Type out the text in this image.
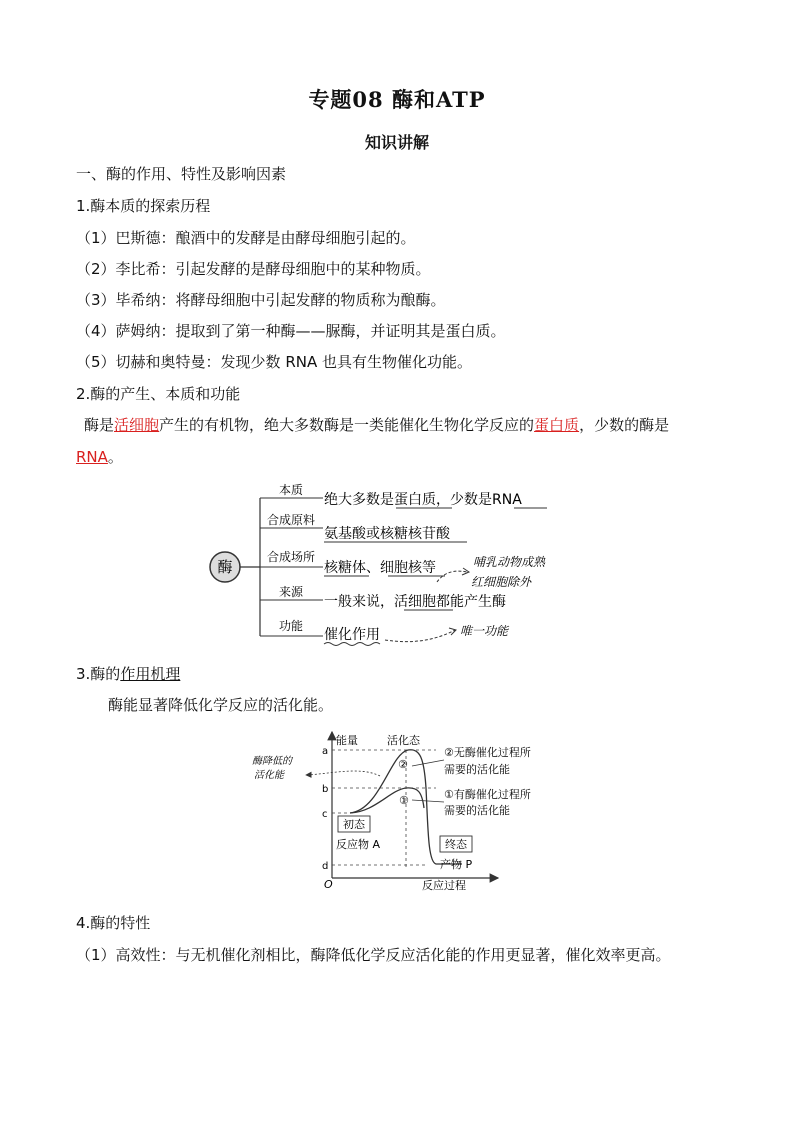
专题08 酶和ATP
知识讲解
一、酶的作用、特性及影响因素
1.酶本质的探索历程
（1）巴斯德：酿酒中的发酵是由酵母细胞引起的。
（2）李比希：引起发酵的是酵母细胞中的某种物质。
（3）毕希纳：将酵母细胞中引起发酵的物质称为酿酶。
（4）萨姆纳：提取到了第一种酶——脲酶，并证明其是蛋白质。
（5）切赫和奥特曼：发现少数 RNA 也具有生物催化功能。
2.酶的产生、本质和功能
酶是活细胞产生的有机物，绝大多数酶是一类能催化生物化学反应的蛋白质，少数的酶是
RNA。
酶
本质
合成原料
合成场所
来源
功能
绝大多数是蛋白质，少数是RNA
氨基酸或核糖核苷酸
核糖体、细胞核等
一般来说，活细胞都能产生酶
催化作用
哺乳动物成熟
红细胞除外
唯一功能
3.酶的作用机理
酶能显著降低化学反应的活化能。
能量
反应过程
O
活化态
a
b
c
d
②
①
酶降低的
活化能
②无酶催化过程所
需要的活化能
①有酶催化过程所
需要的活化能
初态
反应物 A	终态
产物 P
4.酶的特性
（1）高效性：与无机催化剂相比，酶降低化学反应活化能的作用更显著，催化效率更高。
